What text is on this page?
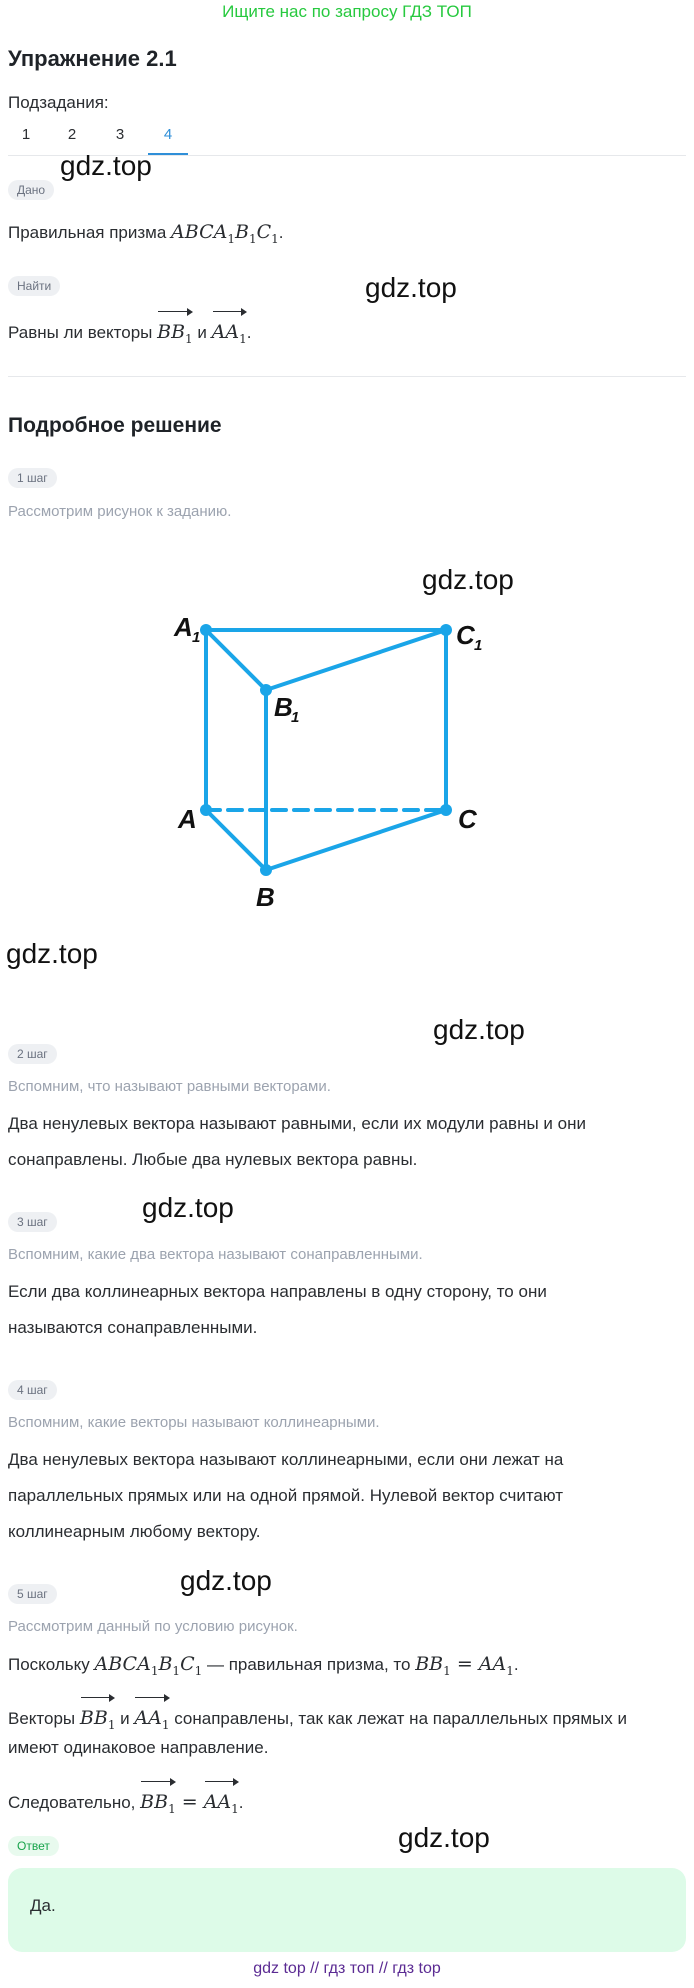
Ищите нас по запросу ГДЗ ТОП
Упражнение 2.1
Подзадания:
1	2	3	4
Дано
Правильная призма $ABCA_1B_1C_1$.
Найти
Равны ли векторы $BB_1$ и $AA_1$.
Подробное решение
1 шаг
Рассмотрим рисунок к заданию.
A 1	C 1
B
1
A	C
B
2 шаг
Вспомним, что называют равными векторами.
Два ненулевых вектора называют равными, если их модули равны и они
сонаправлены. Любые два нулевых вектора равны.
3 шаг
Вспомним, какие два вектора называют сонаправленными.
Если два коллинеарных вектора направлены в одну сторону, то они
называются сонаправленными.
4 шаг
Вспомним, какие векторы называют коллинеарными.
Два ненулевых вектора называют коллинеарными, если они лежат на
параллельных прямых или на одной прямой. Нулевой вектор считают
коллинеарным любому вектору.
5 шаг
Рассмотрим данный по условию рисунок.
Поскольку $ABCA_1B_1C_1$ — правильная призма, то $BB_1 = AA_1$.
Векторы $BB_1$ и $AA_1$ сонаправлены, так как лежат на параллельных прямых и
имеют одинаковое направление.
Следовательно, $BB_1 = AA_1$.
Ответ
Да.
gdz.top
gdz.top
gdz.top
gdz.top
gdz.top
gdz.top
gdz.top
gdz.top
gdz top // гдз топ // гдз top
